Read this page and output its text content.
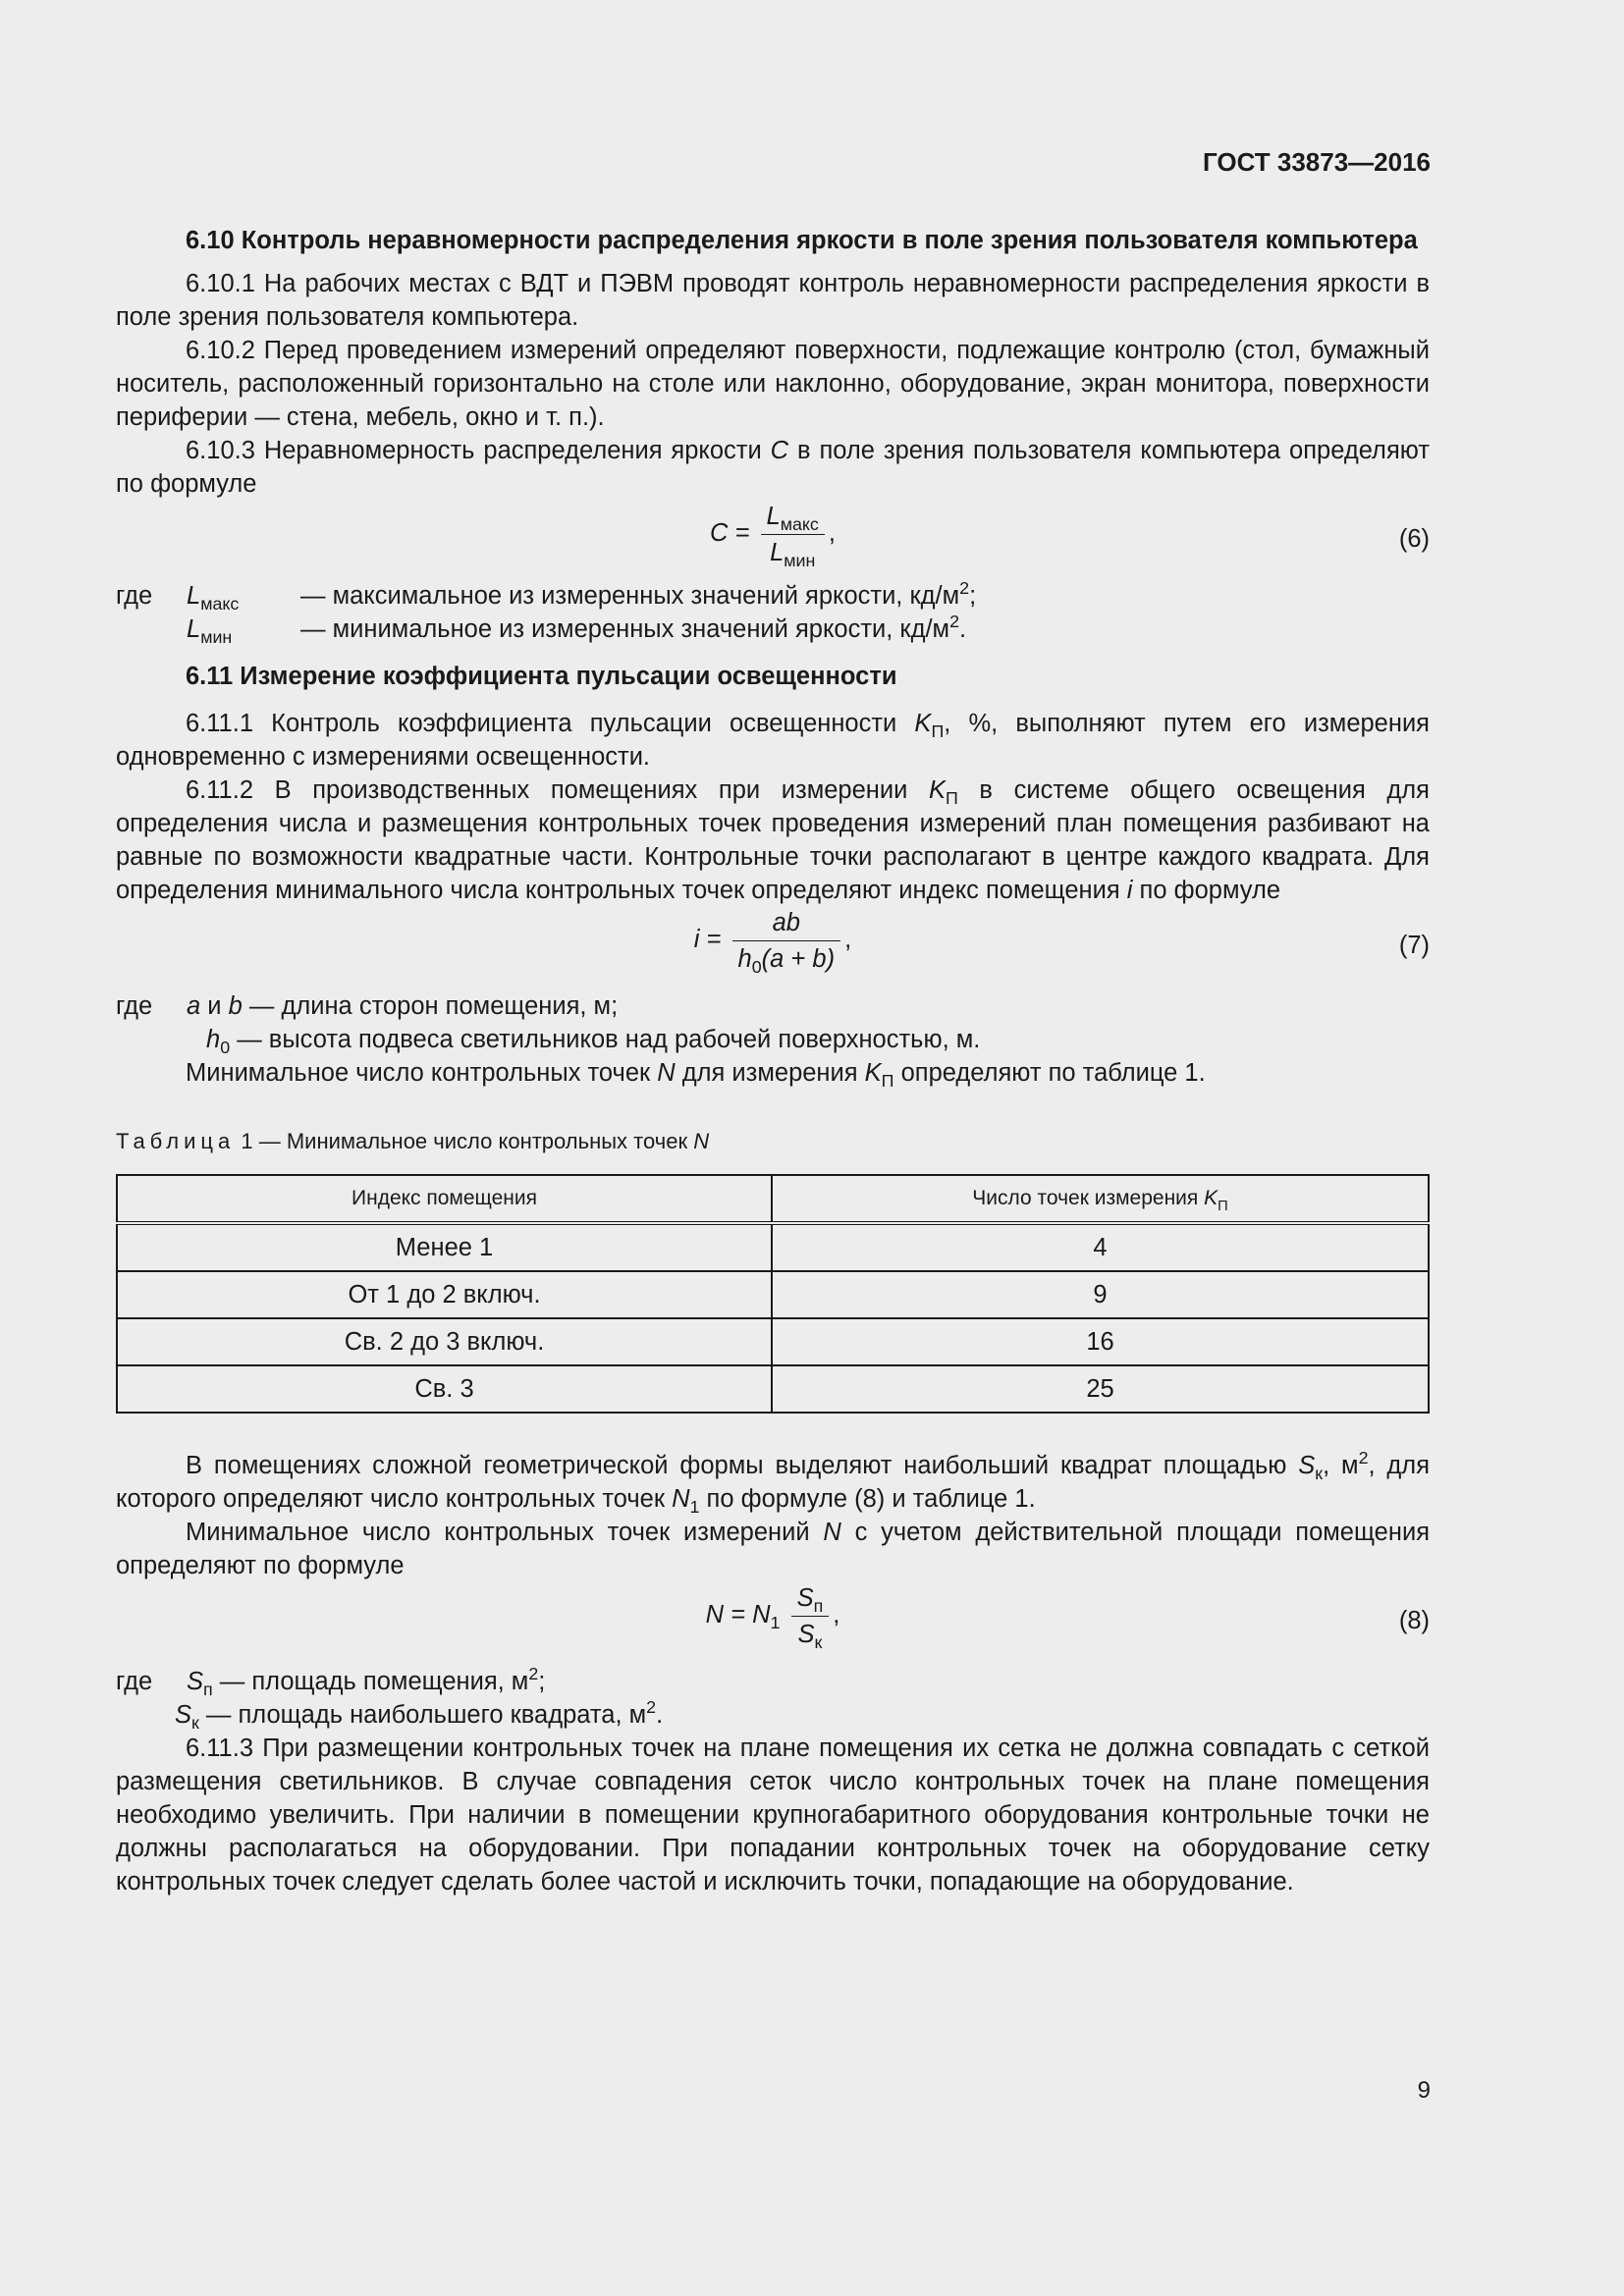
ГОСТ 33873—2016
6.10 Контроль неравномерности распределения яркости в поле зрения пользователя компьютера

6.10.1 На рабочих местах с ВДТ и ПЭВМ проводят контроль неравномерности распределения яркости в поле зрения пользователя компьютера.

6.10.2 Перед проведением измерений определяют поверхности, подлежащие контролю (стол, бумажный носитель, расположенный горизонтально на столе или наклонно, оборудование, экран монитора, поверхности периферии — стена, мебель, окно и т. п.).

6.10.3 Неравномерность распределения яркости C в поле зрения пользователя компьютера определяют по формуле

$C = \frac{L_{макс}}{L_{мин}}$ ,	(6)
где	$L_{макс}$	— максимальное из измеренных значений яркости, $кд/м^2$;
$L_{мин}$	— минимальное из измеренных значений яркости, $кд/м^2$.
6.11 Измерение коэффициента пульсации освещенности

6.11.1 Контроль коэффициента пульсации освещенности $K_П$, %, выполняют путем его измерения одновременно с измерениями освещенности.

6.11.2 В производственных помещениях при измерении $K_П$ в системе общего освещения для определения числа и размещения контрольных точек проведения измерений план помещения разбивают на равные по возможности квадратные части. Контрольные точки располагают в центре каждого квадрата. Для определения минимального числа контрольных точек определяют индекс помещения i по формуле

$i = \frac{ab}{h_0(a + b)}$ ,	(7)
где	a и b — длина сторон помещения, м;
$h_0$ — высота подвеса светильников над рабочей поверхностью, м.

Минимальное число контрольных точек N для измерения $K_П$ определяют по таблице 1.

Таблица 1 — Минимальное число контрольных точек N
Индекс помещения	Число точек измерения $K_П$
Менее 1	4
От 1 до 2 включ.	9
Св. 2 до 3 включ.	16
Св. 3	25

В помещениях сложной геометрической формы выделяют наибольший квадрат площадью $S_к$, $м^2$, для которого определяют число контрольных точек $N_1$ по формуле (8) и таблице 1.

Минимальное число контрольных точек измерений N с учетом действительной площади помещения определяют по формуле

$N = N_1 \frac{S_п}{S_к}$ ,	(8)
где	$S_п$ — площадь помещения, $м^2$;
$S_к$ — площадь наибольшего квадрата, $м^2$.

6.11.3 При размещении контрольных точек на плане помещения их сетка не должна совпадать с сеткой размещения светильников. В случае совпадения сеток число контрольных точек на плане помещения необходимо увеличить. При наличии в помещении крупногабаритного оборудования контрольные точки не должны располагаться на оборудовании. При попадании контрольных точек на оборудование сетку контрольных точек следует сделать более частой и исключить точки, попадающие на оборудование.

9
